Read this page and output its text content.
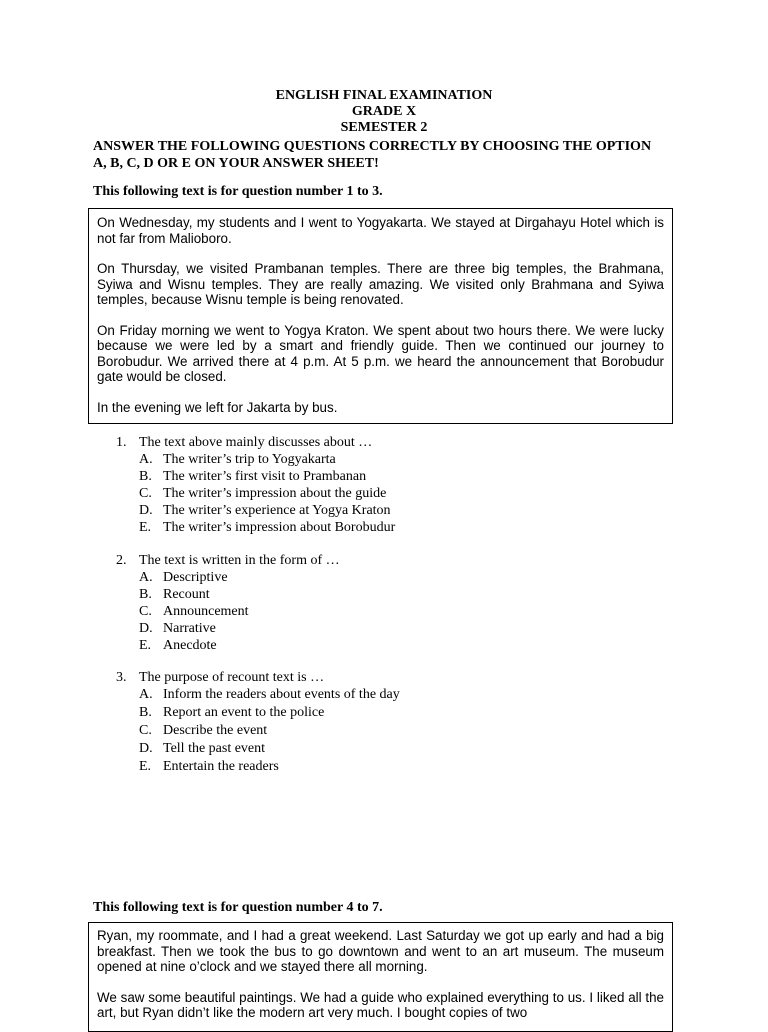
ENGLISH FINAL EXAMINATION
GRADE X
SEMESTER 2
ANSWER THE FOLLOWING QUESTIONS CORRECTLY BY CHOOSING THE OPTION A, B, C, D OR E ON YOUR ANSWER SHEET!
This following text is for question number 1 to 3.

On Wednesday, my students and I went to Yogyakarta. We stayed at Dirgahayu Hotel which is not far from Malioboro.

On Thursday, we visited Prambanan temples. There are three big temples, the Brahmana, Syiwa and Wisnu temples. They are really amazing. We visited only Brahmana and Syiwa temples, because Wisnu temple is being renovated.

On Friday morning we went to Yogya Kraton. We spent about two hours there. We were lucky because we were led by a smart and friendly guide. Then we continued our journey to Borobudur. We arrived there at 4 p.m. At 5 p.m. we heard the announcement that Borobudur gate would be closed.

In the evening we left for Jakarta by bus.

1. The text above mainly discusses about …
A. The writer’s trip to Yogyakarta
B. The writer’s first visit to Prambanan
C. The writer’s impression about the guide
D. The writer’s experience at Yogya Kraton
E. The writer’s impression about Borobudur
2. The text is written in the form of …
A. Descriptive
B. Recount
C. Announcement
D. Narrative
E. Anecdote
3. The purpose of recount text is …
A. Inform the readers about events of the day
B. Report an event to the police
C. Describe the event
D. Tell the past event
E. Entertain the readers
This following text is for question number 4 to 7.

Ryan, my roommate, and I had a great weekend. Last Saturday we got up early and had a big breakfast. Then we took the bus to go downtown and went to an art museum. The museum opened at nine o’clock and we stayed there all morning.

We saw some beautiful paintings. We had a guide who explained everything to us. I liked all the art, but Ryan didn’t like the modern art very much. I bought copies of two
